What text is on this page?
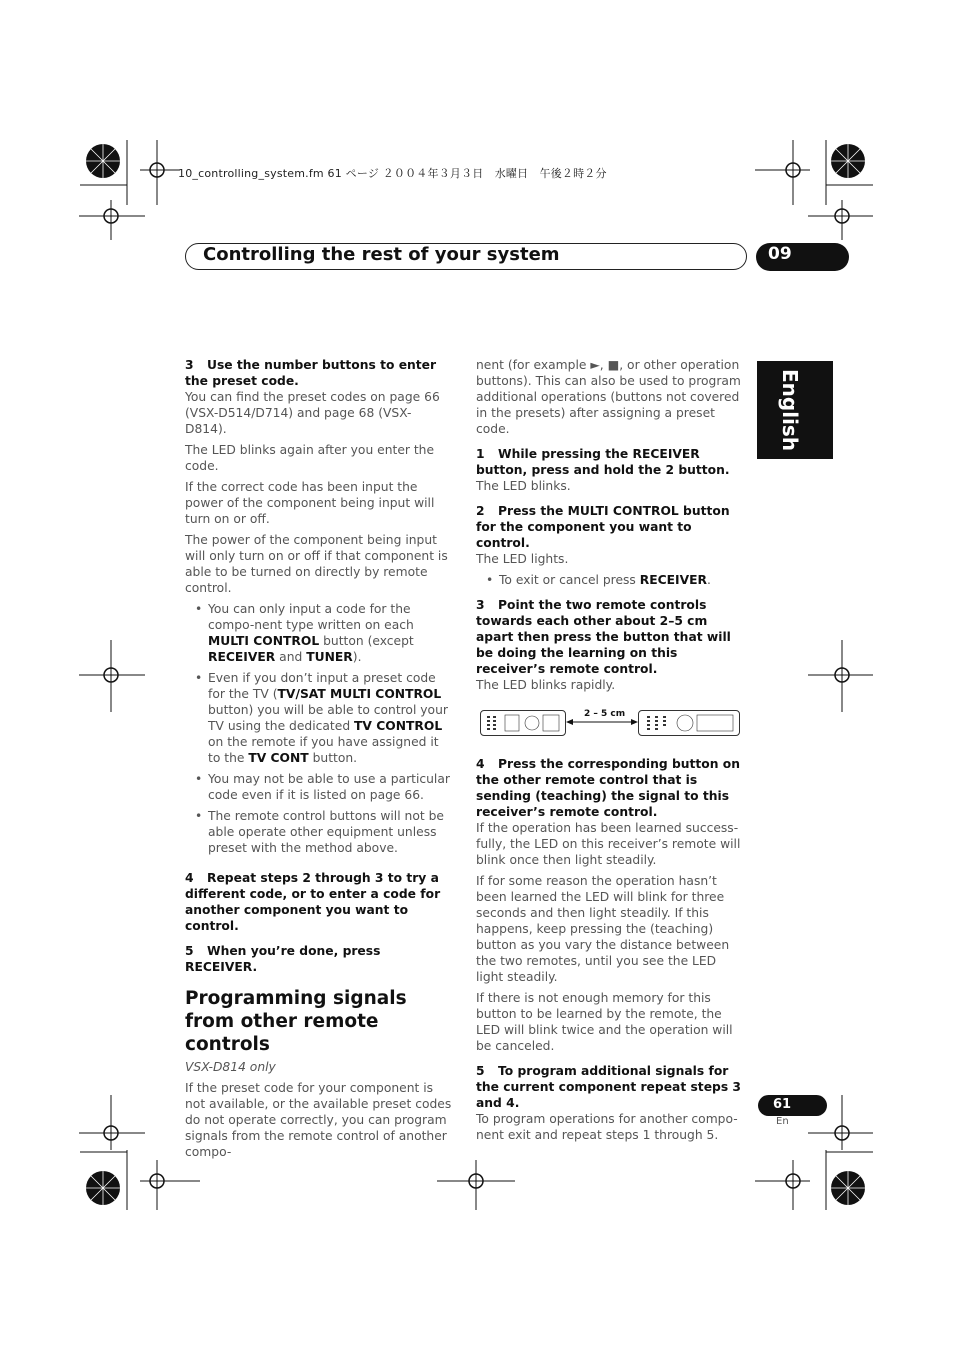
10_controlling_system.fm 61 ページ ２００４年３月３日　水曜日　午後２時２分
Controlling the rest of your system	09
English
3 Use the number buttons to enter the preset code.

You can find the preset codes on page 66 (VSX-D514/D714) and page 68 (VSX-D814).

The LED blinks again after you enter the code.

If the correct code has been input the power of the component being input will turn on or off.

The power of the component being input will only turn on or off if that component is able to be turned on directly by remote control.

• You can only input a code for the compo-nent type written on each MULTI CONTROL button (except RECEIVER and TUNER).
• Even if you don’t input a preset code for the TV (TV/SAT MULTI CONTROL button) you will be able to control your TV using the dedicated TV CONTROL on the remote if you have assigned it to the TV CONT button.
• You may not be able to use a particular code even if it is listed on page 66.
• The remote control buttons will not be able operate other equipment unless preset with the method above.
4 Repeat steps 2 through 3 to try a different code, or to enter a code for another component you want to control.
5 When you’re done, press RECEIVER.
Programming signals from other remote controls

VSX-D814 only

If the preset code for your component is not available, or the available preset codes do not operate correctly, you can program signals from the remote control of another compo-

nent (for example ►, ■, or other operation buttons). This can also be used to program additional operations (buttons not covered in the presets) after assigning a preset code.

1 While pressing the RECEIVER button, press and hold the 2 button.

The LED blinks.

2 Press the MULTI CONTROL button for the component you want to control.

The LED lights.

• To exit or cancel press RECEIVER.
3 Point the two remote controls towards each other about 2–5 cm apart then press the button that will be doing the learning on this receiver’s remote control.

The LED blinks rapidly.

2 – 5 cm
4 Press the corresponding button on the other remote control that is sending (teaching) the signal to this receiver’s remote control.

If the operation has been learned success-fully, the LED on this receiver’s remote will blink once then light steadily.

If for some reason the operation hasn’t been learned the LED will blink for three seconds and then light steadily. If this happens, keep pressing the (teaching) button as you vary the distance between the two remotes, until you see the LED light steadily.

If there is not enough memory for this button to be learned by the remote, the LED will blink twice and the operation will be canceled.

5 To program additional signals for the current component repeat steps 3 and 4.

To program operations for another compo-nent exit and repeat steps 1 through 5.

61
En
